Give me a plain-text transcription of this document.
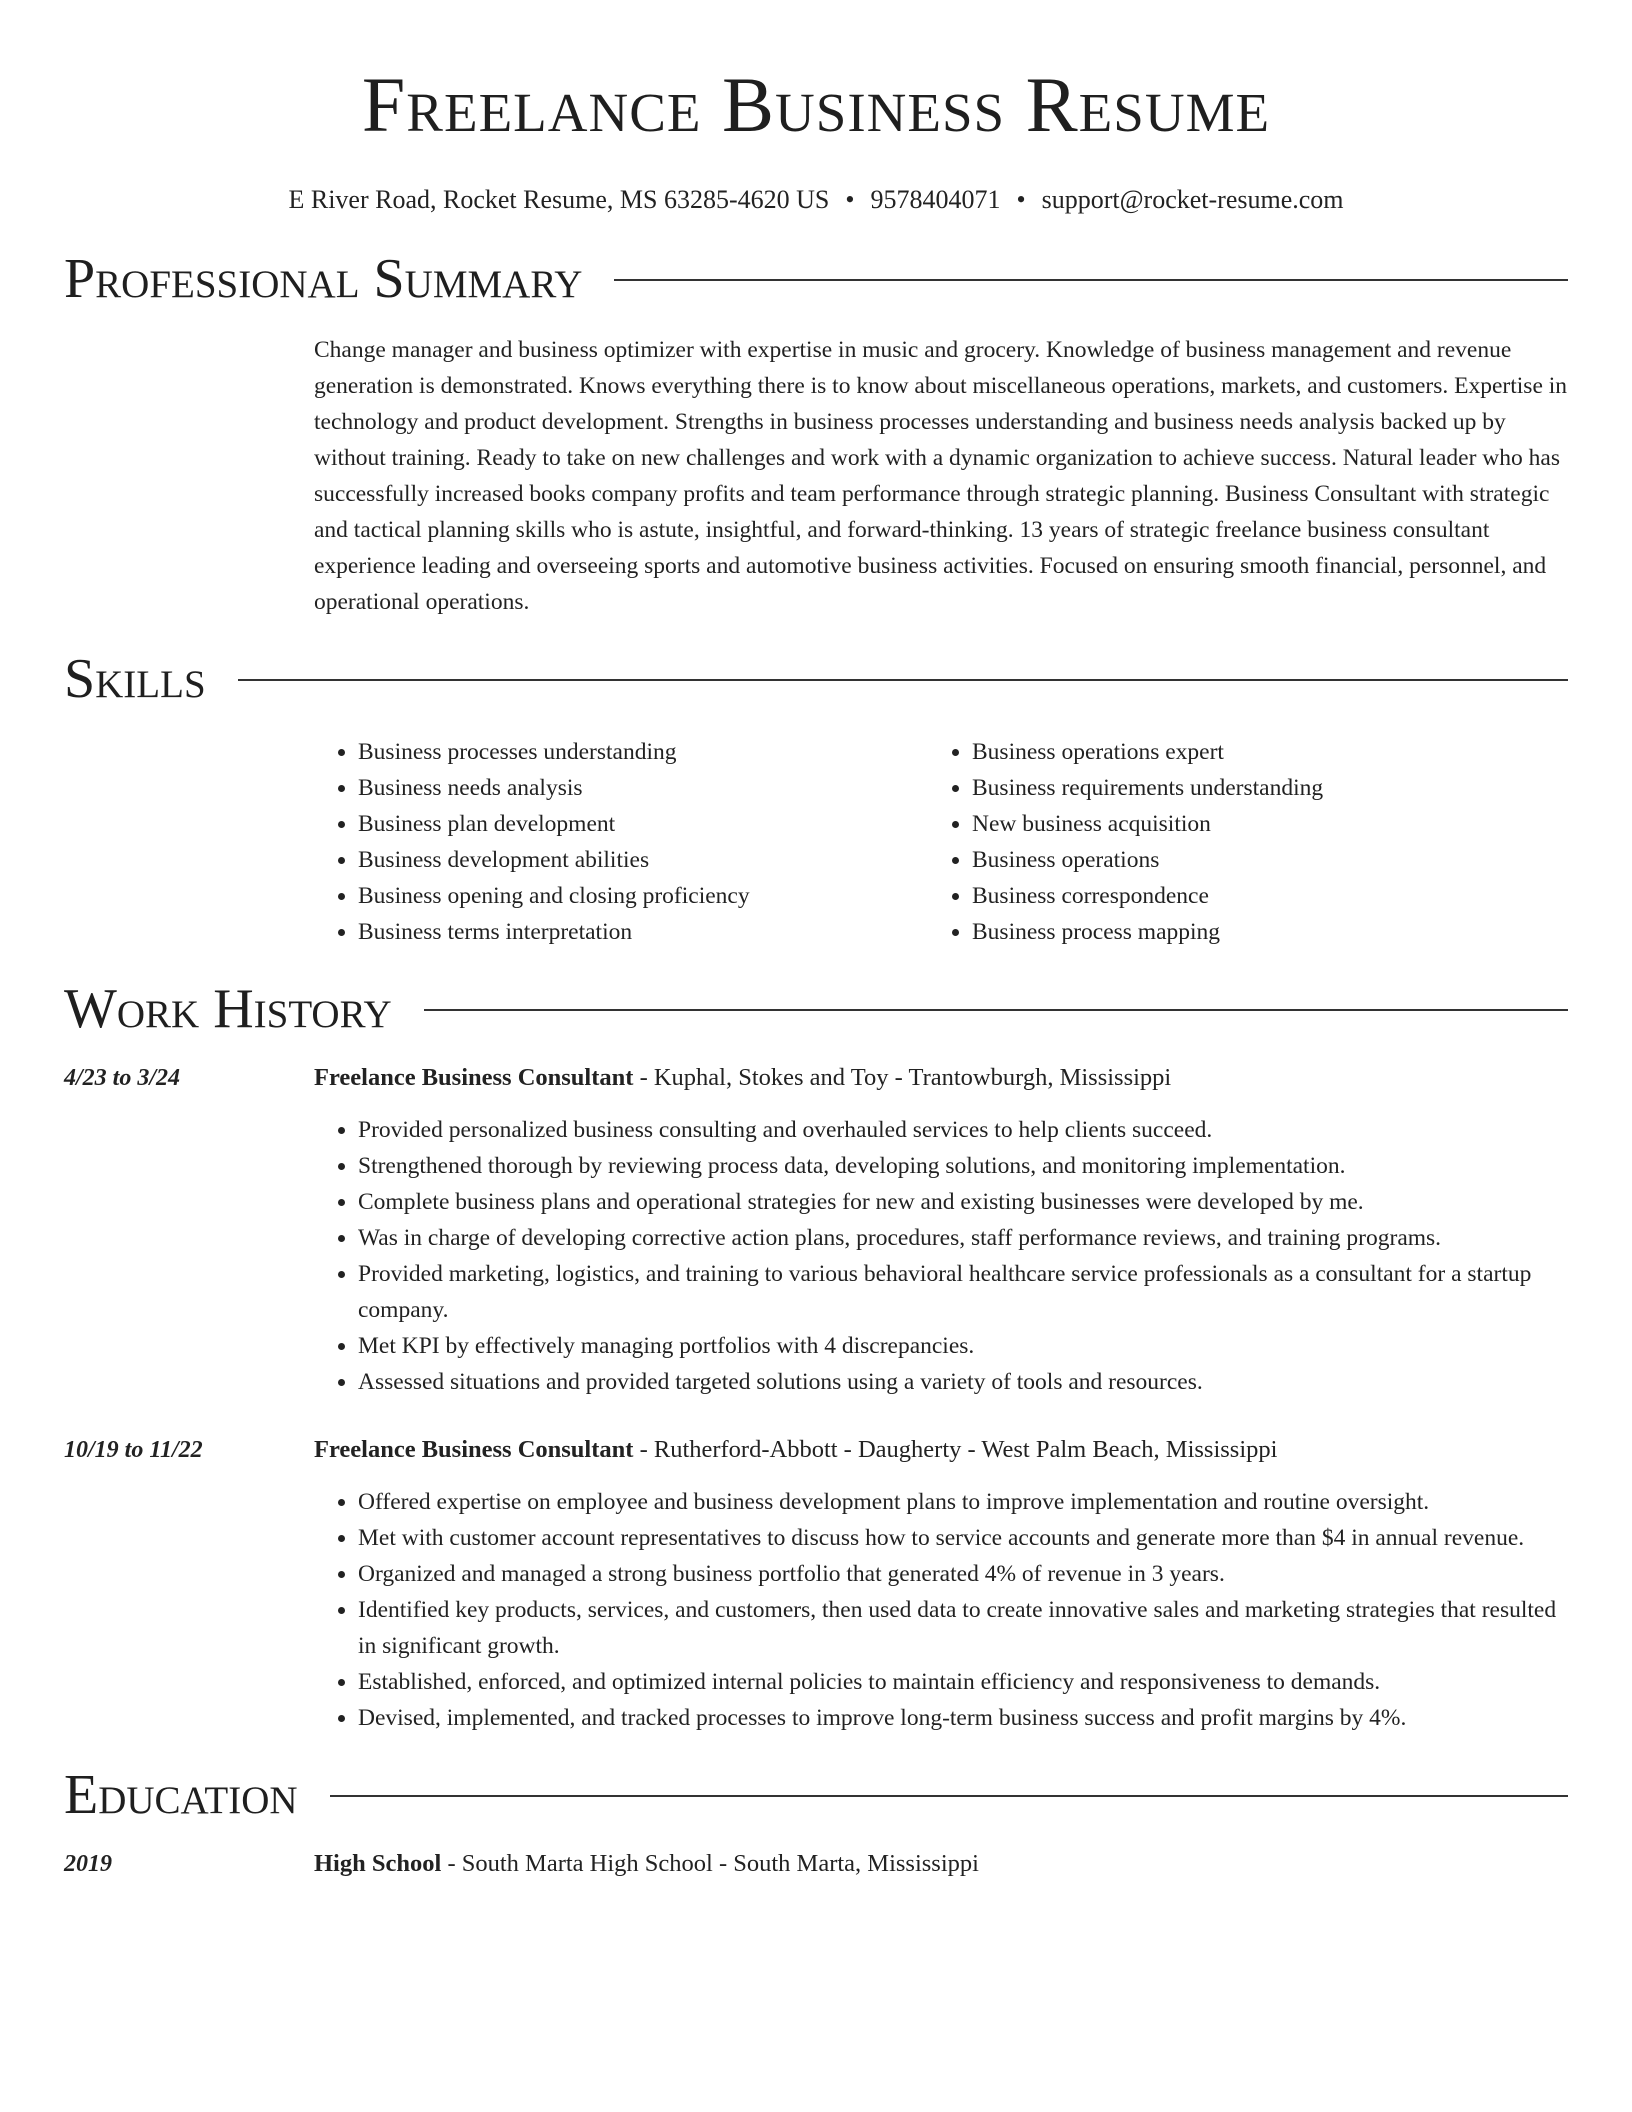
Freelance Business Resume
E River Road, Rocket Resume, MS 63285-4620 US • 9578404071 • support@rocket-resume.com
Professional Summary

Change manager and business optimizer with expertise in music and grocery. Knowledge of business management and revenue generation is demonstrated. Knows everything there is to know about miscellaneous operations, markets, and customers. Expertise in technology and product development. Strengths in business processes understanding and business needs analysis backed up by without training. Ready to take on new challenges and work with a dynamic organization to achieve success. Natural leader who has successfully increased books company profits and team performance through strategic planning. Business Consultant with strategic and tactical planning skills who is astute, insightful, and forward-thinking. 13 years of strategic freelance business consultant experience leading and overseeing sports and automotive business activities. Focused on ensuring smooth financial, personnel, and operational operations.

Skills
• Business processes understanding
• Business needs analysis
• Business plan development
• Business development abilities
• Business opening and closing proficiency
• Business terms interpretation
• Business operations expert
• Business requirements understanding
• New business acquisition
• Business operations
• Business correspondence
• Business process mapping
Work History
4/23 to 3/24	Freelance Business Consultant - Kuphal, Stokes and Toy - Trantowburgh, Mississippi
• Provided personalized business consulting and overhauled services to help clients succeed.
• Strengthened thorough by reviewing process data, developing solutions, and monitoring implementation.
• Complete business plans and operational strategies for new and existing businesses were developed by me.
• Was in charge of developing corrective action plans, procedures, staff performance reviews, and training programs.
• Provided marketing, logistics, and training to various behavioral healthcare service professionals as a consultant for a startup company.
• Met KPI by effectively managing portfolios with 4 discrepancies.
• Assessed situations and provided targeted solutions using a variety of tools and resources.
10/19 to 11/22	Freelance Business Consultant - Rutherford-Abbott - Daugherty - West Palm Beach, Mississippi
• Offered expertise on employee and business development plans to improve implementation and routine oversight.
• Met with customer account representatives to discuss how to service accounts and generate more than $4 in annual revenue.
• Organized and managed a strong business portfolio that generated 4% of revenue in 3 years.
• Identified key products, services, and customers, then used data to create innovative sales and marketing strategies that resulted in significant growth.
• Established, enforced, and optimized internal policies to maintain efficiency and responsiveness to demands.
• Devised, implemented, and tracked processes to improve long-term business success and profit margins by 4%.
Education
2019	High School - South Marta High School - South Marta, Mississippi
